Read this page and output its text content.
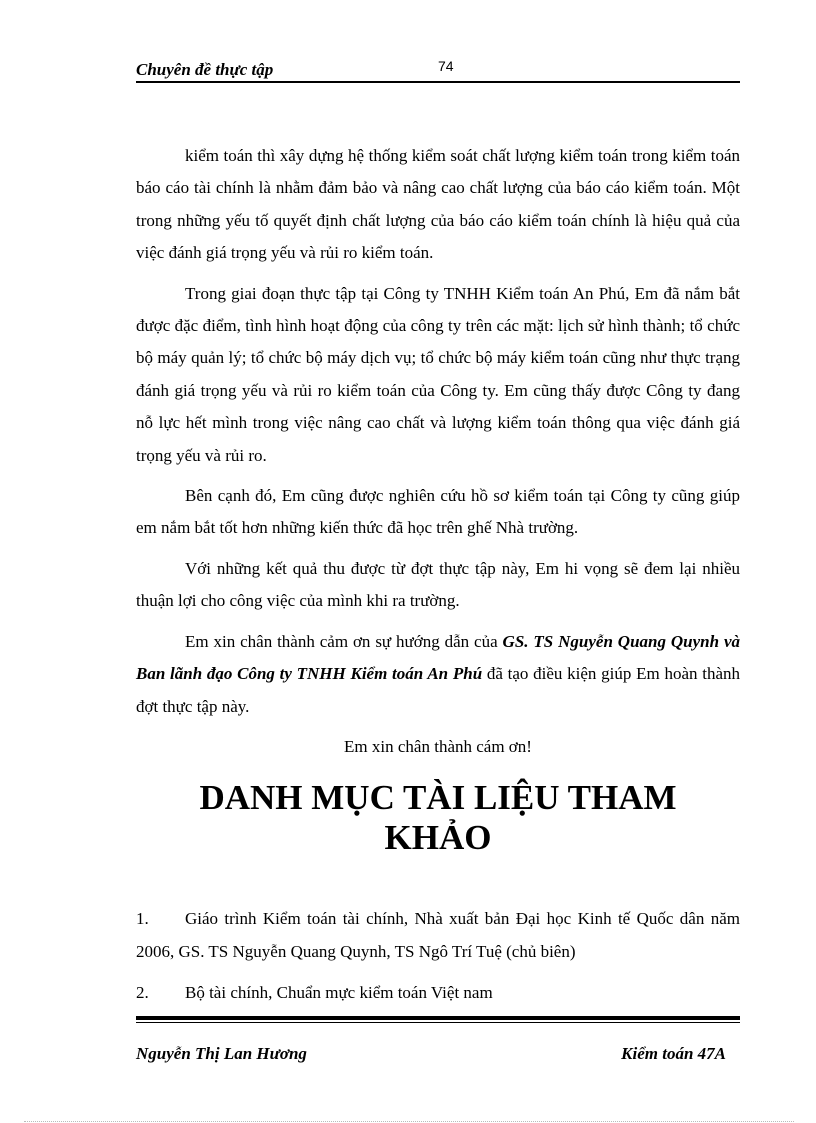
Chuyên đề thực tập	74

kiểm toán thì xây dựng hệ thống kiểm soát chất lượng kiểm toán trong kiểm toán báo cáo tài chính là nhằm đảm bảo và nâng cao chất lượng của báo cáo kiểm toán. Một trong những yếu tố quyết định chất lượng của báo cáo kiểm toán chính là hiệu quả của việc đánh giá trọng yếu và rủi ro kiểm toán.

Trong giai đoạn thực tập tại Công ty TNHH Kiểm toán An Phú, Em đã nắm bắt được đặc điểm, tình hình hoạt động của công ty trên các mặt: lịch sử hình thành; tổ chức bộ máy quản lý; tổ chức bộ máy dịch vụ; tổ chức bộ máy kiểm toán cũng như thực trạng đánh giá trọng yếu và rủi ro kiểm toán của Công ty. Em cũng thấy được Công ty đang nỗ lực hết mình trong việc nâng cao chất và lượng kiểm toán thông qua việc đánh giá trọng yếu và rủi ro.

Bên cạnh đó, Em cũng được nghiên cứu hồ sơ kiểm toán tại Công ty cũng giúp em nắm bắt tốt hơn những kiến thức đã học trên ghế Nhà trường.

Với những kết quả thu được từ đợt thực tập này, Em hi vọng sẽ đem lại nhiều thuận lợi cho công việc của mình khi ra trường.

Em xin chân thành cảm ơn sự hướng dẫn của GS. TS Nguyễn Quang Quynh và Ban lãnh đạo Công ty TNHH Kiểm toán An Phú đã tạo điều kiện giúp Em hoàn thành đợt thực tập này.

Em xin chân thành cám ơn!

DANH MỤC TÀI LIỆU THAM
KHẢO

1. Giáo trình Kiểm toán tài chính, Nhà xuất bản Đại học Kinh tế Quốc dân năm 2006, GS. TS Nguyễn Quang Quynh, TS Ngô Trí Tuệ (chủ biên)

2. Bộ tài chính, Chuẩn mực kiểm toán Việt nam

Nguyễn Thị Lan Hương	Kiểm toán 47A
